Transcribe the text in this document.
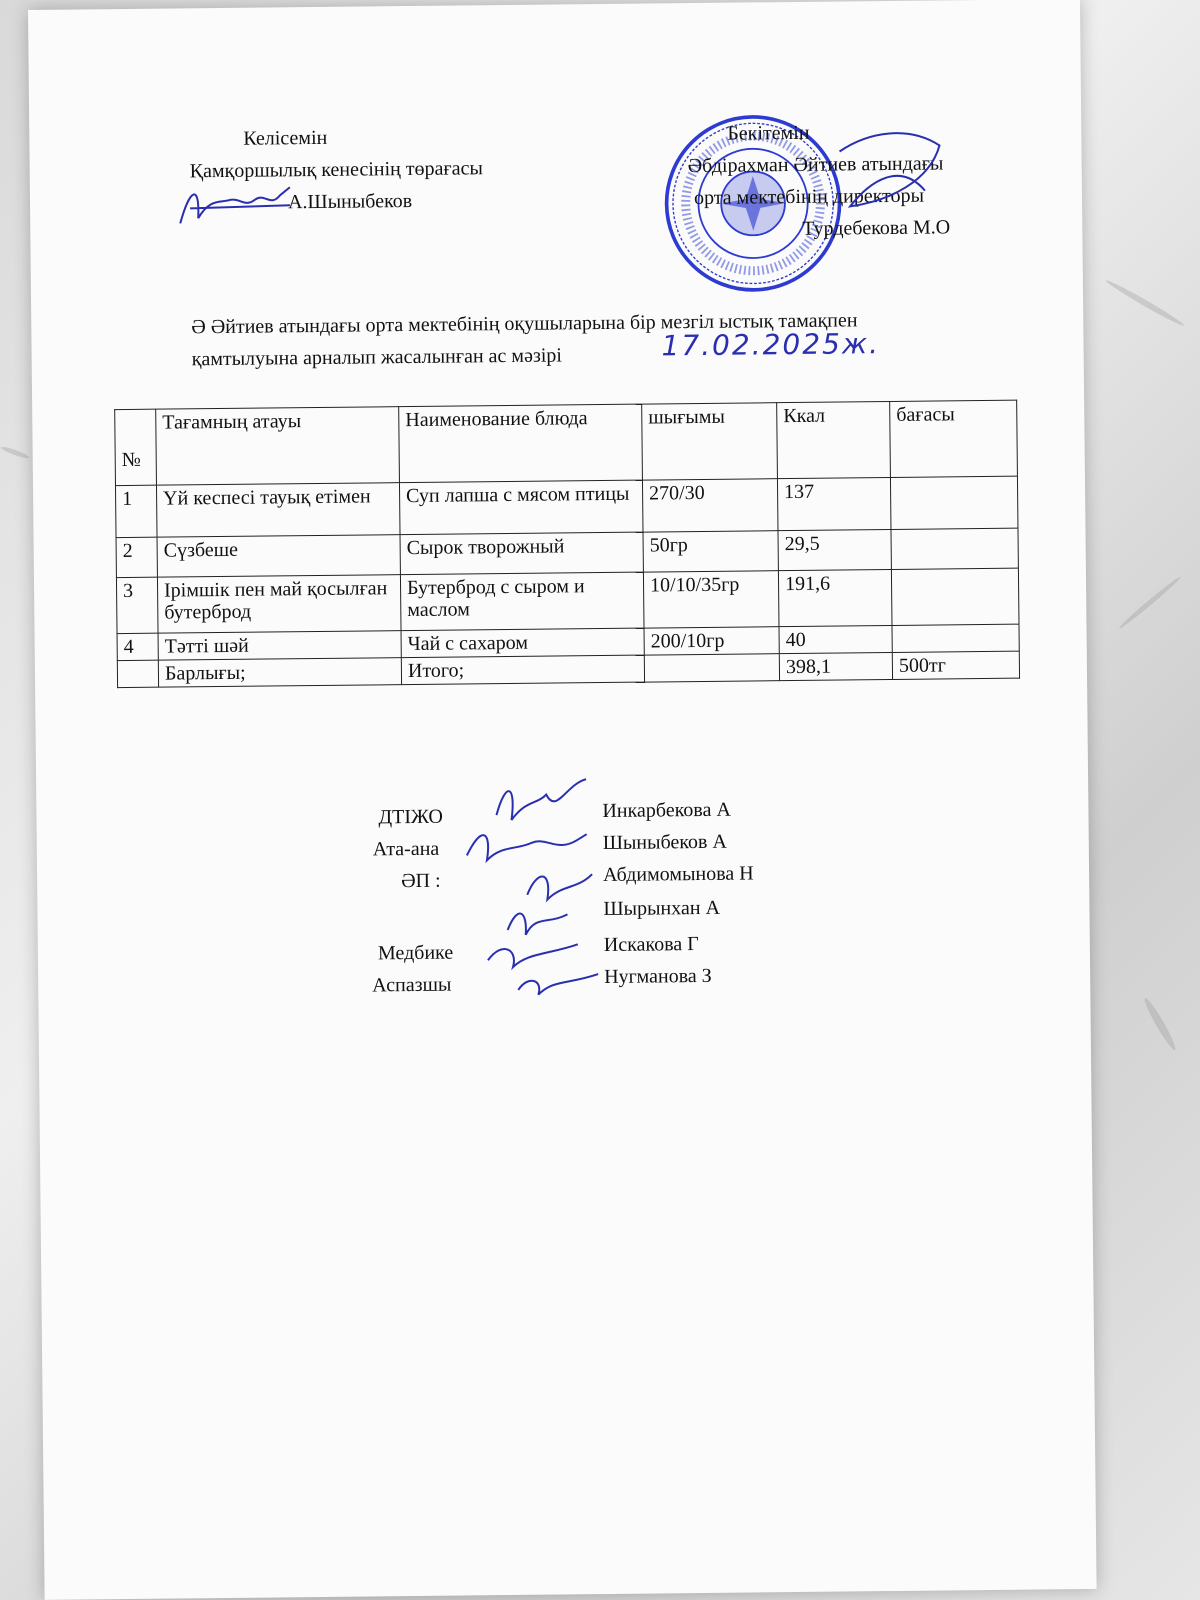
Келісемін
Қамқоршылық кенесінің төрағасы
А.Шыныбеков
Бекітемін
Әбдірахман Әйтиев атындағы
орта мектебінің директоры
Турдебекова М.О
Ә Әйтиев атындағы орта мектебінің оқушыларына бір мезгіл ыстық тамақпен
қамтылуына арналып жасалынған ас мәзірі	17.02.2025ж.
№	Тағамның атауы	Наименование блюда	шығымы	Ккал	бағасы
1	Үй кеспесі тауық етімен	Суп лапша с мясом птицы	270/30	137	
2	Сүзбеше	Сырок творожный	50гр	29,5	
3	Ірімшік пен май қосылған бутерброд	Бутерброд с сыром и маслом	10/10/35гр	191,6	
4	Тәтті шәй	Чай с сахаром	200/10гр	40	
	Барлығы;	Итого;		398,1	500тг
ДТІЖО	Инкарбекова А
Ата-ана	Шыныбеков А
ӘП :	Абдимомынова Н
Шырынхан А
Медбике	Искакова Г
Аспазшы	Нугманова З
